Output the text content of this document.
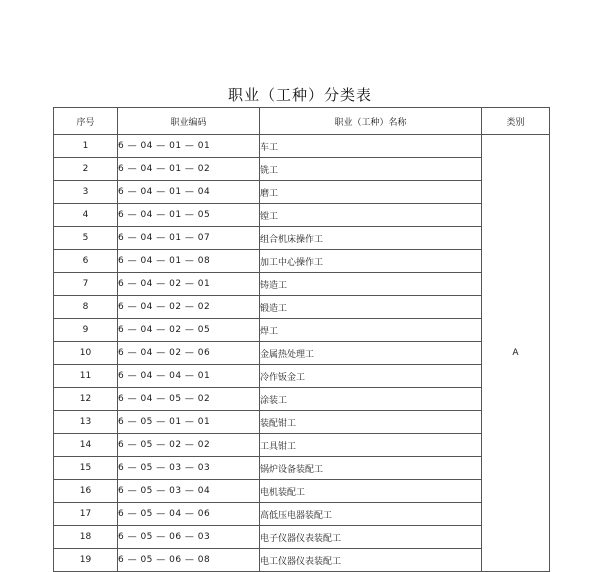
职业（工种）分类表
序号	职业编码	职业（工种）名称	类别
1	6 — 04 — 01 — 01	车工	A
2	6 — 04 — 01 — 02	铣工	
3	6 — 04 — 01 — 04	磨工	
4	6 — 04 — 01 — 05	镗工	
5	6 — 04 — 01 — 07	组合机床操作工	
6	6 — 04 — 01 — 08	加工中心操作工	
7	6 — 04 — 02 — 01	铸造工	
8	6 — 04 — 02 — 02	锻造工	
9	6 — 04 — 02 — 05	焊工	
10	6 — 04 — 02 — 06	金属热处理工	
11	6 — 04 — 04 — 01	冷作钣金工	
12	6 — 04 — 05 — 02	涂装工	
13	6 — 05 — 01 — 01	装配钳工	
14	6 — 05 — 02 — 02	工具钳工	
15	6 — 05 — 03 — 03	锅炉设备装配工	
16	6 — 05 — 03 — 04	电机装配工	
17	6 — 05 — 04 — 06	高低压电器装配工	
18	6 — 05 — 06 — 03	电子仪器仪表装配工	
19	6 — 05 — 06 — 08	电工仪器仪表装配工	
